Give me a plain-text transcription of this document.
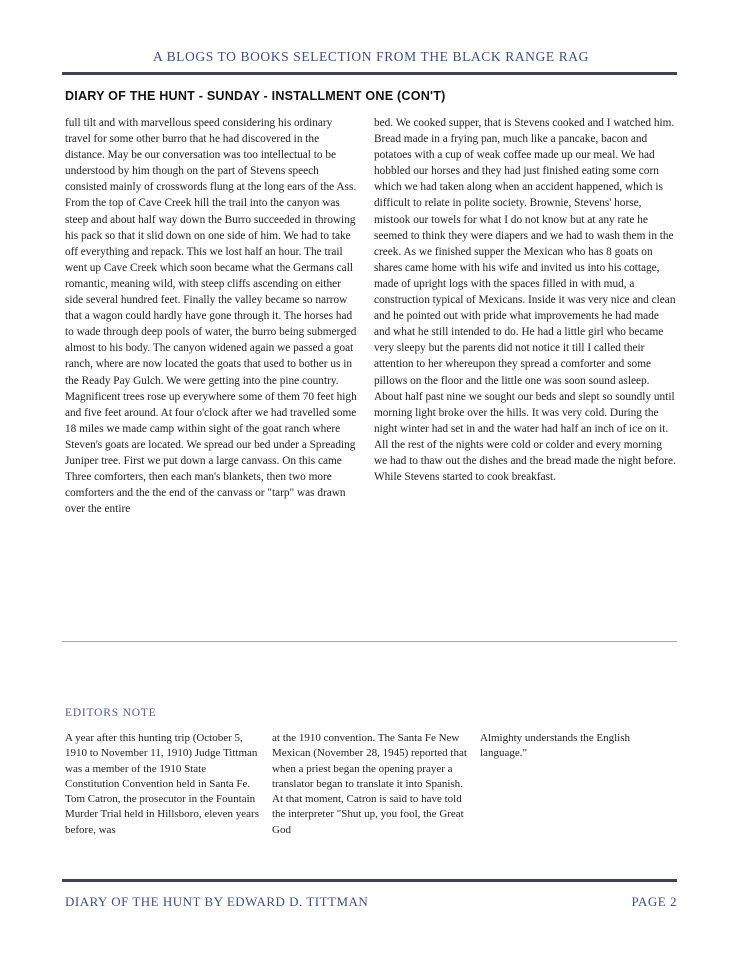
A BLOGS TO BOOKS SELECTION FROM THE BLACK RANGE RAG
DIARY OF THE HUNT - SUNDAY - INSTALLMENT ONE (CON'T)
full tilt and with marvellous speed considering his ordinary travel for some other burro that he had discovered in the distance. May be our conversation was too intellectual to be understood by him though on the part of Stevens speech consisted mainly of crosswords flung at the long ears of the Ass. From the top of Cave Creek hill the trail into the canyon was steep and about half way down the Burro succeeded in throwing his pack so that it slid down on one side of him. We had to take off everything and repack. This we lost half an hour. The trail went up Cave Creek which soon became what the Germans call romantic, meaning wild, with steep cliffs ascending on either side several hundred feet. Finally the valley became so narrow that a wagon could hardly have gone through it. The horses had to wade through deep pools of water, the burro being submerged almost to his body. The canyon widened again we passed a goat ranch, where are now located the goats that used to bother us in the Ready Pay Gulch. We were getting into the pine country. Magnificent trees rose up everywhere some of them 70 feet high and five feet around. At four o'clock after we had travelled some 18 miles we made camp within sight of the goat ranch where Steven's goats are located. We spread our bed under a Spreading Juniper tree. First we put down a large canvass. On this came Three comforters, then each man's blankets, then two more comforters and the the end of the canvass or "tarp" was drawn over the entire
bed. We cooked supper, that is Stevens cooked and I watched him. Bread made in a frying pan, much like a pancake, bacon and potatoes with a cup of weak coffee made up our meal. We had hobbled our horses and they had just finished eating some corn which we had taken along when an accident happened, which is difficult to relate in polite society. Brownie, Stevens' horse, mistook our towels for what I do not know but at any rate he seemed to think they were diapers and we had to wash them in the creek. As we finished supper the Mexican who has 8 goats on shares came home with his wife and invited us into his cottage, made of upright logs with the spaces filled in with mud, a construction typical of Mexicans. Inside it was very nice and clean and he pointed out with pride what improvements he had made and what he still intended to do. He had a little girl who became very sleepy but the parents did not notice it till I called their attention to her whereupon they spread a comforter and some pillows on the floor and the little one was soon sound asleep. About half past nine we sought our beds and slept so soundly until morning light broke over the hills. It was very cold. During the night winter had set in and the water had half an inch of ice on it. All the rest of the nights were cold or colder and every morning we had to thaw out the dishes and the bread made the night before. While Stevens started to cook breakfast.
EDITORS NOTE
A year after this hunting trip (October 5, 1910 to November 11, 1910) Judge Tittman was a member of the 1910 State Constitution Convention held in Santa Fe. Tom Catron, the prosecutor in the Fountain Murder Trial held in Hillsboro, eleven years before, was
at the 1910 convention. The Santa Fe New Mexican (November 28, 1945) reported that when a priest began the opening prayer a translator began to translate it into Spanish. At that moment, Catron is said to have told the interpreter "Shut up, you fool, the Great God
Almighty understands the English language."
DIARY OF THE HUNT BY EDWARD D. TITTMAN	PAGE 2
